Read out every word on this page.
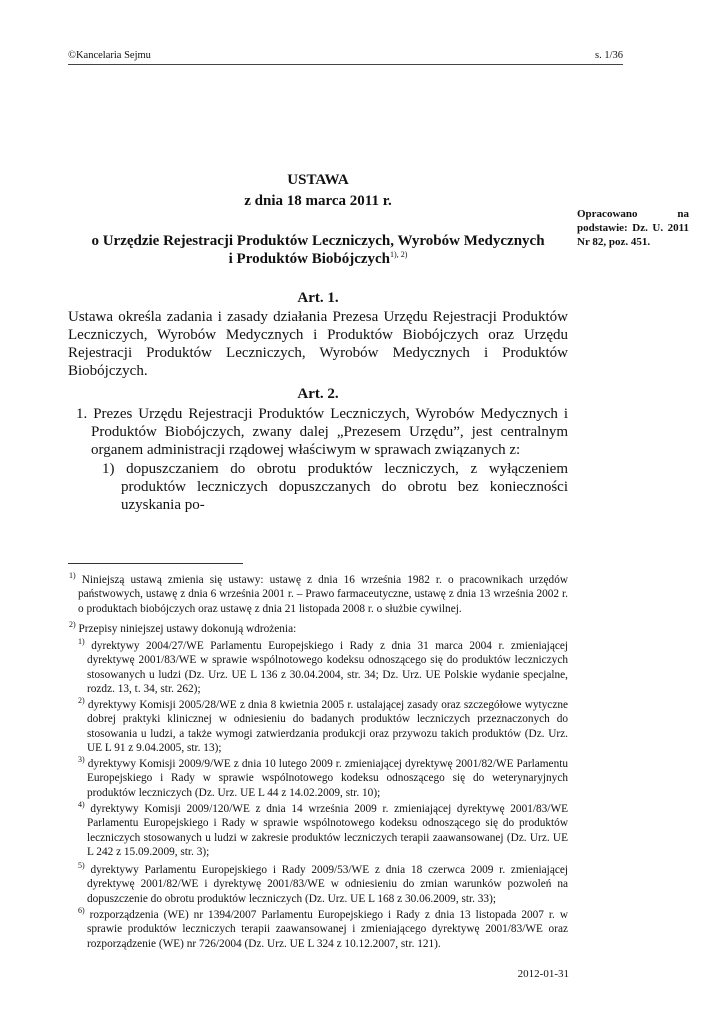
©Kancelaria Sejmu	s. 1/36
USTAWA
z dnia 18 marca 2011 r.
o Urzędzie Rejestracji Produktów Leczniczych, Wyrobów Medycznych
i Produktów Biobójczych$^{1), 2)}$
Opracowano na podstawie: Dz. U. 2011 Nr 82, poz. 451.
Art. 1.
Ustawa określa zadania i zasady działania Prezesa Urzędu Rejestracji Produktów Leczniczych, Wyrobów Medycznych i Produktów Biobójczych oraz Urzędu Rejestracji Produktów Leczniczych, Wyrobów Medycznych i Produktów Biobójczych.
Art. 2.
1. Prezes Urzędu Rejestracji Produktów Leczniczych, Wyrobów Medycznych i Produktów Biobójczych, zwany dalej „Prezesem Urzędu”, jest centralnym organem administracji rządowej właściwym w sprawach związanych z:
1) dopuszczaniem do obrotu produktów leczniczych, z wyłączeniem produktów leczniczych dopuszczanych do obrotu bez konieczności uzyskania po-
$^{1)}$ Niniejszą ustawą zmienia się ustawy: ustawę z dnia 16 września 1982 r. o pracownikach urzędów państwowych, ustawę z dnia 6 września 2001 r. – Prawo farmaceutyczne, ustawę z dnia 13 września 2002 r. o produktach biobójczych oraz ustawę z dnia 21 listopada 2008 r. o służbie cywilnej.
$^{2)}$ Przepisy niniejszej ustawy dokonują wdrożenia:
$^{1)}$ dyrektywy 2004/27/WE Parlamentu Europejskiego i Rady z dnia 31 marca 2004 r. zmieniającej dyrektywę 2001/83/WE w sprawie wspólnotowego kodeksu odnoszącego się do produktów leczniczych stosowanych u ludzi (Dz. Urz. UE L 136 z 30.04.2004, str. 34; Dz. Urz. UE Polskie wydanie specjalne, rozdz. 13, t. 34, str. 262);
$^{2)}$ dyrektywy Komisji 2005/28/WE z dnia 8 kwietnia 2005 r. ustalającej zasady oraz szczegółowe wytyczne dobrej praktyki klinicznej w odniesieniu do badanych produktów leczniczych przeznaczonych do stosowania u ludzi, a także wymogi zatwierdzania produkcji oraz przywozu takich produktów (Dz. Urz. UE L 91 z 9.04.2005, str. 13);
$^{3)}$ dyrektywy Komisji 2009/9/WE z dnia 10 lutego 2009 r. zmieniającej dyrektywę 2001/82/WE Parlamentu Europejskiego i Rady w sprawie wspólnotowego kodeksu odnoszącego się do weterynaryjnych produktów leczniczych (Dz. Urz. UE L 44 z 14.02.2009, str. 10);
$^{4)}$ dyrektywy Komisji 2009/120/WE z dnia 14 września 2009 r. zmieniającej dyrektywę 2001/83/WE Parlamentu Europejskiego i Rady w sprawie wspólnotowego kodeksu odnoszącego się do produktów leczniczych stosowanych u ludzi w zakresie produktów leczniczych terapii zaawansowanej (Dz. Urz. UE L 242 z 15.09.2009, str. 3);
$^{5)}$ dyrektywy Parlamentu Europejskiego i Rady 2009/53/WE z dnia 18 czerwca 2009 r. zmieniającej dyrektywę 2001/82/WE i dyrektywę 2001/83/WE w odniesieniu do zmian warunków pozwoleń na dopuszczenie do obrotu produktów leczniczych (Dz. Urz. UE L 168 z 30.06.2009, str. 33);
$^{6)}$ rozporządzenia (WE) nr 1394/2007 Parlamentu Europejskiego i Rady z dnia 13 listopada 2007 r. w sprawie produktów leczniczych terapii zaawansowanej i zmieniającego dyrektywę 2001/83/WE oraz rozporządzenie (WE) nr 726/2004 (Dz. Urz. UE L 324 z 10.12.2007, str. 121).
2012-01-31
